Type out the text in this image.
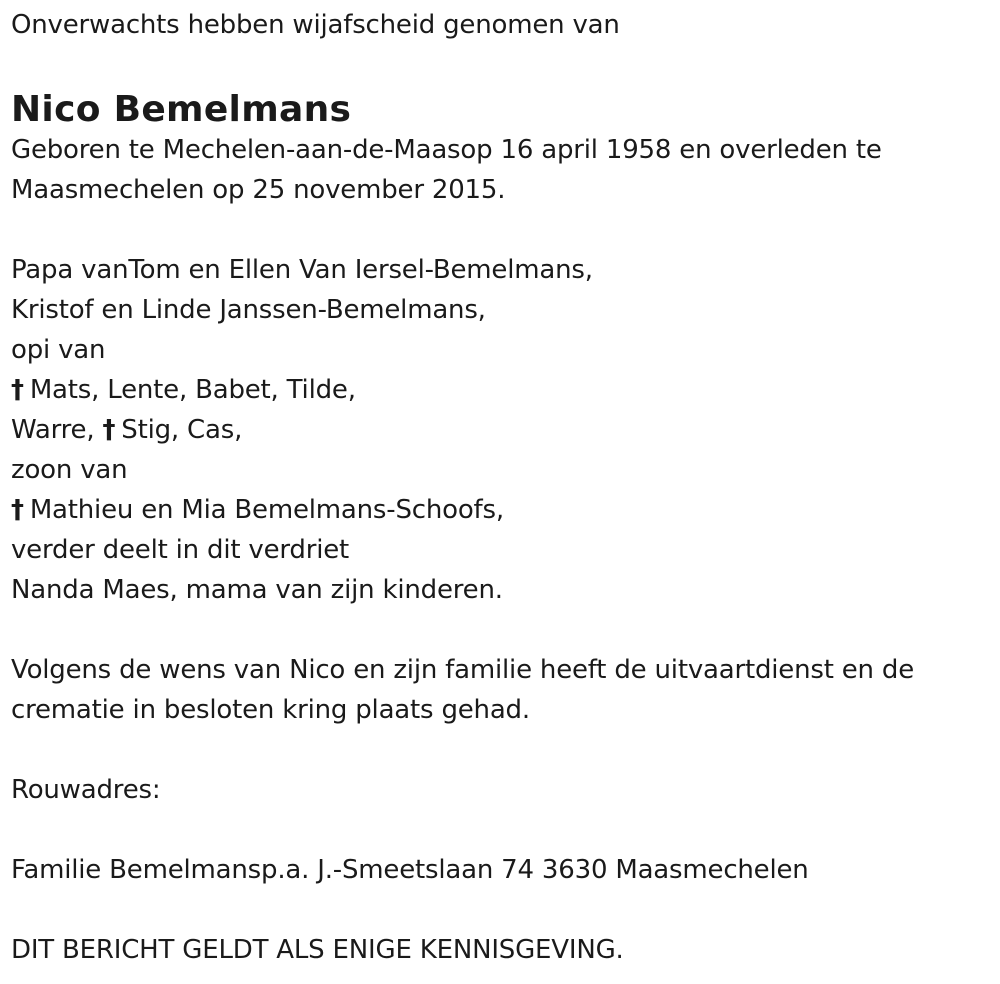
Onverwachts hebben wijafscheid genomen van
Nico Bemelmans
Geboren te Mechelen-aan-de-Maasop 16 april 1958 en overleden te
Maasmechelen op 25 november 2015.
Papa vanTom en Ellen Van Iersel-Bemelmans,
Kristof en Linde Janssen-Bemelmans,
opi van
† Mats, Lente, Babet, Tilde,
Warre, † Stig, Cas,
zoon van
† Mathieu en Mia Bemelmans-Schoofs,
verder deelt in dit verdriet
Nanda Maes, mama van zijn kinderen.
Volgens de wens van Nico en zijn familie heeft de uitvaartdienst en de
crematie in besloten kring plaats gehad.
Rouwadres:
Familie Bemelmansp.a. J.-Smeetslaan 74 3630 Maasmechelen
DIT BERICHT GELDT ALS ENIGE KENNISGEVING.
